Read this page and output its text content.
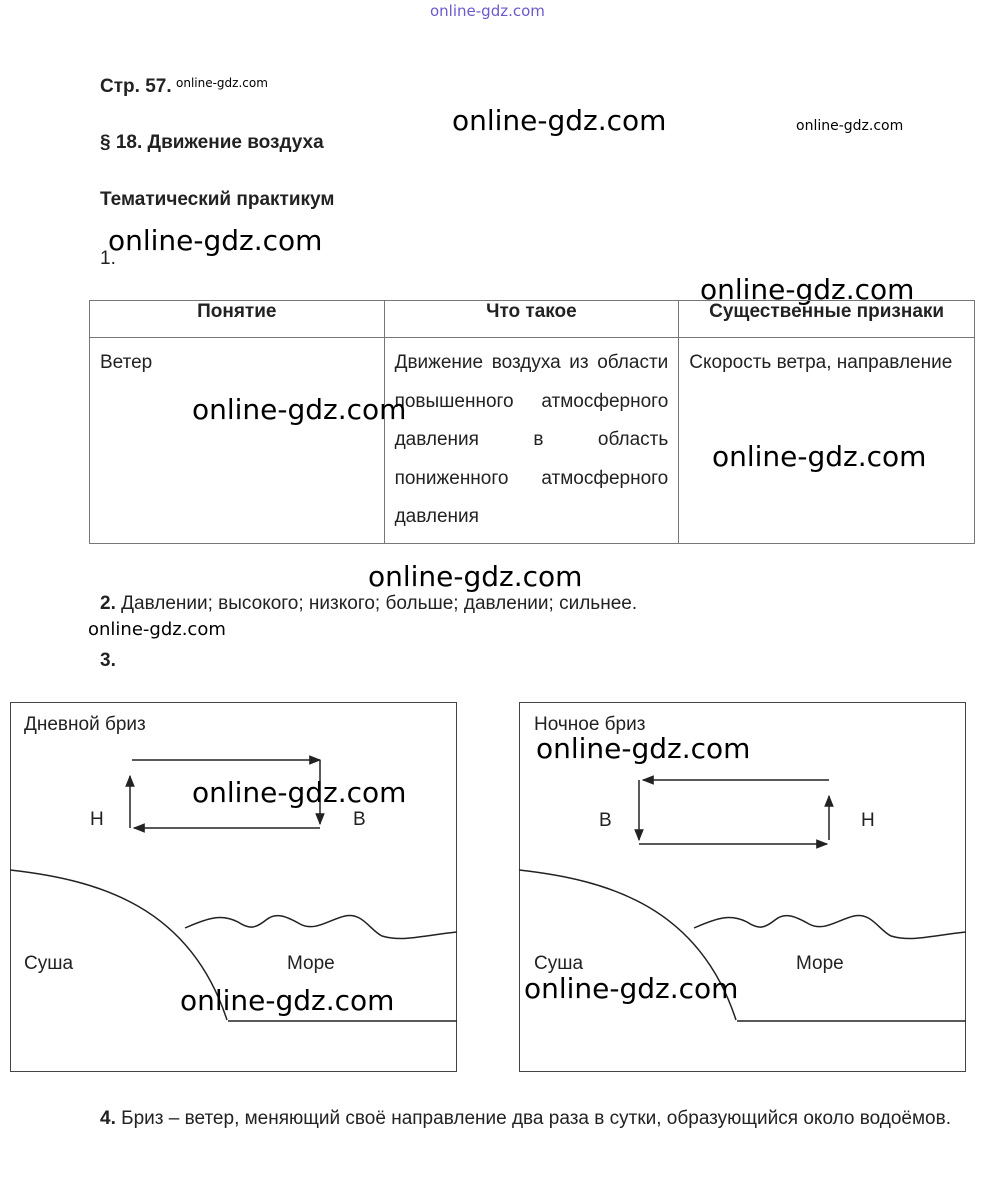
online-gdz.com
Стр. 57. online-gdz.com
§ 18. Движение воздуха
online-gdz.com	online-gdz.com
Тематический практикум
1.
online-gdz.com
online-gdz.com
Понятие	Что такое	Существенные признаки
Ветер	Движение воздуха из области повышенного атмосферного давления в область пониженного атмосферного давления	Скорость ветра, направление
online-gdz.com
online-gdz.com
online-gdz.com
2. Давлении; высокого; низкого; больше; давлении; сильнее.
online-gdz.com
3.
Дневной бриз
Н	В
Суша	Море
online-gdz.com
online-gdz.com
Ночное бриз
В	Н
Суша	Море
online-gdz.com
online-gdz.com
4. Бриз – ветер, меняющий своё направление два раза в сутки, образующийся около водоёмов.
